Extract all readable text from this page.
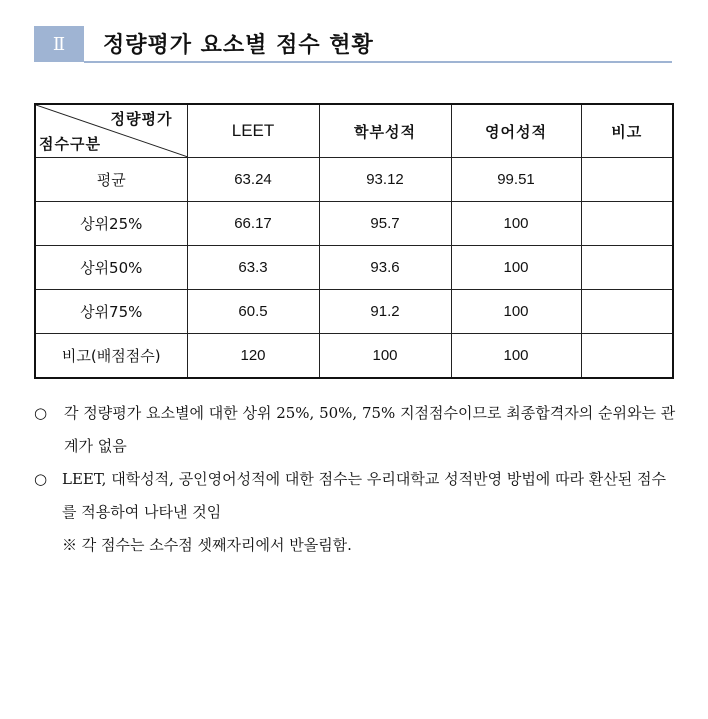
Ⅱ	정량평가 요소별 점수 현황
정량평가
점수구분	LEET	학부성적	영어성적	비고
평균	63.24	93.12	99.51	
상위25%	66.17	95.7	100	
상위50%	63.3	93.6	100	
상위75%	60.5	91.2	100	
비고(배점점수)	120	100	100	
○	각 정량평가 요소별에 대한 상위 25%, 50%, 75% 지점점수이므로 최종합격자의 순위와는 관계가 없음
○ LEET, 대학성적, 공인영어성적에 대한 점수는 우리대학교 성적반영 방법에 따라 환산된 점수를 적용하여 나타낸 것임
※ 각 점수는 소수점 셋째자리에서 반올림함.
